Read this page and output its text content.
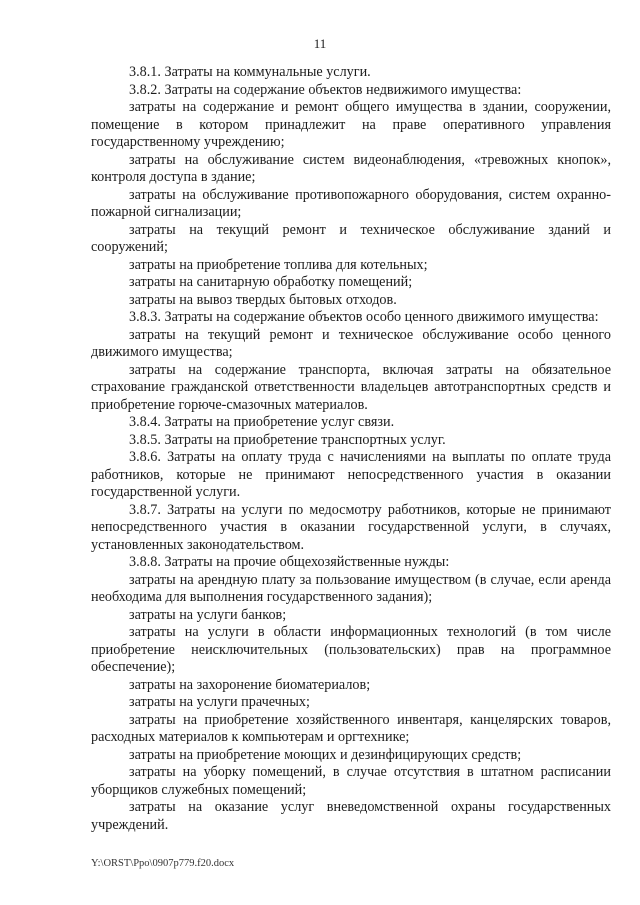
11

3.8.1. Затраты на коммунальные услуги.

3.8.2. Затраты на содержание объектов недвижимого имущества:

затраты на содержание и ремонт общего имущества в здании, сооружении, помещение в котором принадлежит на праве оперативного управления государственному учреждению;

затраты на обслуживание систем видеонаблюдения, «тревожных кнопок», контроля доступа в здание;

затраты на обслуживание противопожарного оборудования, систем охранно-пожарной сигнализации;

затраты на текущий ремонт и техническое обслуживание зданий и сооружений;

затраты на приобретение топлива для котельных;

затраты на санитарную обработку помещений;

затраты на вывоз твердых бытовых отходов.

3.8.3. Затраты на содержание объектов особо ценного движимого имущества:

затраты на текущий ремонт и техническое обслуживание особо ценного движимого имущества;

затраты на содержание транспорта, включая затраты на обязательное страхование гражданской ответственности владельцев автотранспортных средств и приобретение горюче-смазочных материалов.

3.8.4. Затраты на приобретение услуг связи.

3.8.5. Затраты на приобретение транспортных услуг.

3.8.6. Затраты на оплату труда с начислениями на выплаты по оплате труда работников, которые не принимают непосредственного участия в оказании государственной услуги.

3.8.7. Затраты на услуги по медосмотру работников, которые не принимают непосредственного участия в оказании государственной услуги, в случаях, установленных законодательством.

3.8.8. Затраты на прочие общехозяйственные нужды:

затраты на арендную плату за пользование имуществом (в случае, если аренда необходима для выполнения государственного задания);

затраты на услуги банков;

затраты на услуги в области информационных технологий (в том числе приобретение неисключительных (пользовательских) прав на программное обеспечение);

затраты на захоронение биоматериалов;

затраты на услуги прачечных;

затраты на приобретение хозяйственного инвентаря, канцелярских товаров, расходных материалов к компьютерам и оргтехнике;

затраты на приобретение моющих и дезинфицирующих средств;

затраты на уборку помещений, в случае отсутствия в штатном расписании уборщиков служебных помещений;

затраты на оказание услуг вневедомственной охраны государственных учреждений.

Y:\ORST\Ppo\0907p779.f20.docx
